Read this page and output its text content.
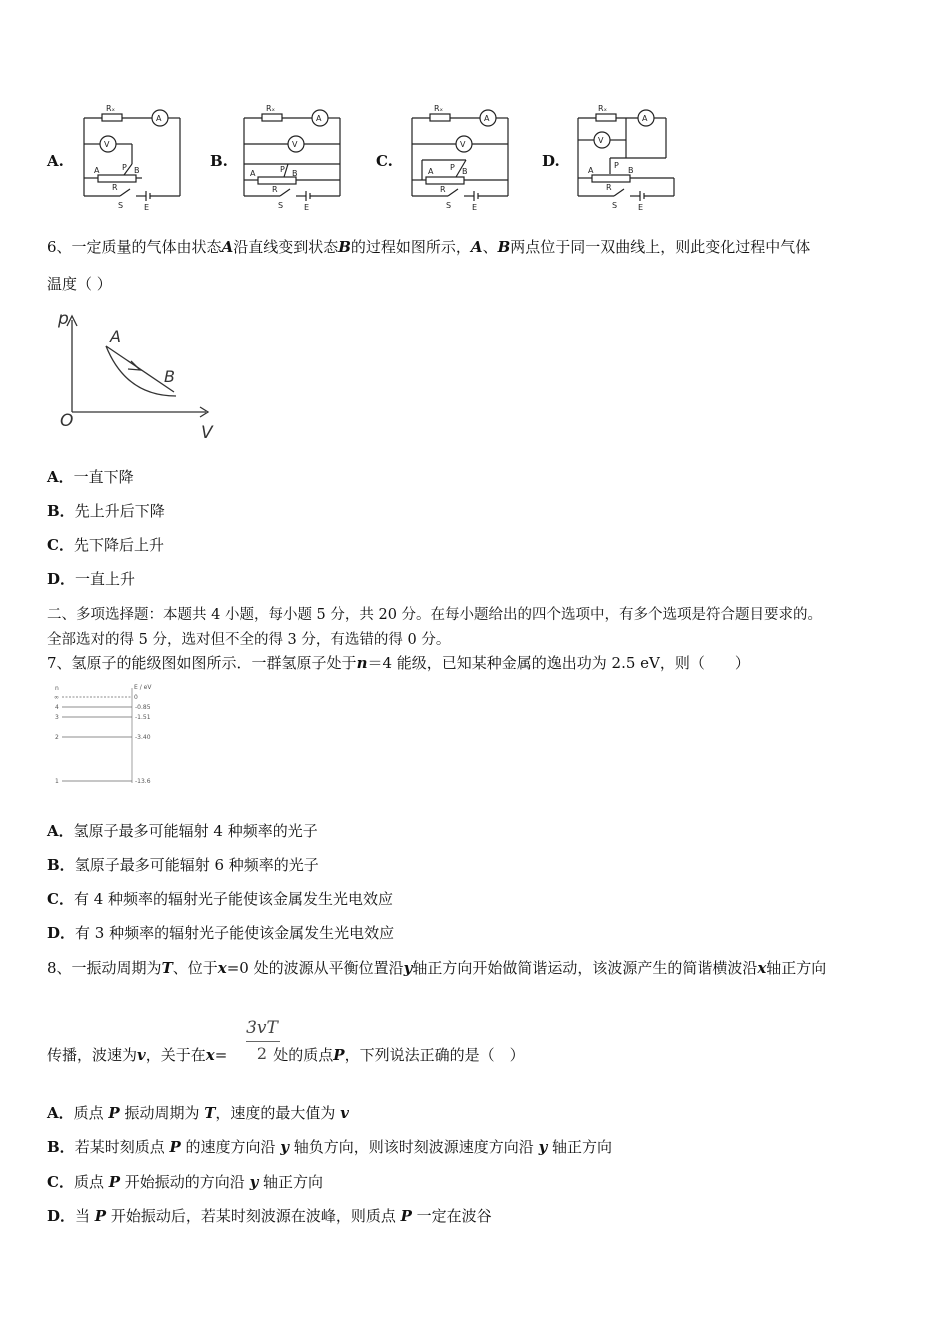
A.	B.	C.	D.
Rₓ
A
V
A	P B
R
S	E
Rₓ
A
V
A	P B
R
S	E
Rₓ
A
V
A P B
R
S	E
Rₓ
A
V
A
P
B
R
S	E
6、一定质量的气体由状态A沿直线变到状态B的过程如图所示，A、B两点位于同一双曲线上，则此变化过程中气体
温度（ ）
p
V
O
A
B
A．一直下降
B．先上升后下降
C．先下降后上升
D．一直上升
二、多项选择题：本题共 4 小题，每小题 5 分，共 20 分。在每小题给出的四个选项中，有多个选项是符合题目要求的。
全部选对的得 5 分，选对但不全的得 3 分，有选错的得 0 分。
7、氢原子的能级图如图所示．一群氢原子处于n＝4 能级，已知某种金属的逸出功为 2.5 eV，则（　　）
n	E / eV
∞	0
4	-0.85
3	-1.51
2	-3.40
1	-13.6
A．氢原子最多可能辐射 4 种频率的光子
B．氢原子最多可能辐射 6 种频率的光子
C．有 4 种频率的辐射光子能使该金属发生光电效应
D．有 3 种频率的辐射光子能使该金属发生光电效应
8、一振动周期为T、位于x=0 处的波源从平衡位置沿y轴正方向开始做简谐运动，该波源产生的简谐横波沿x轴正方向
传播，波速为v，关于在x=	处的质点P，下列说法正确的是（　）
3vT
2
A．质点 P 振动周期为 T，速度的最大值为 v
B．若某时刻质点 P 的速度方向沿 y 轴负方向，则该时刻波源速度方向沿 y 轴正方向
C．质点 P 开始振动的方向沿 y 轴正方向
D．当 P 开始振动后，若某时刻波源在波峰，则质点 P 一定在波谷
